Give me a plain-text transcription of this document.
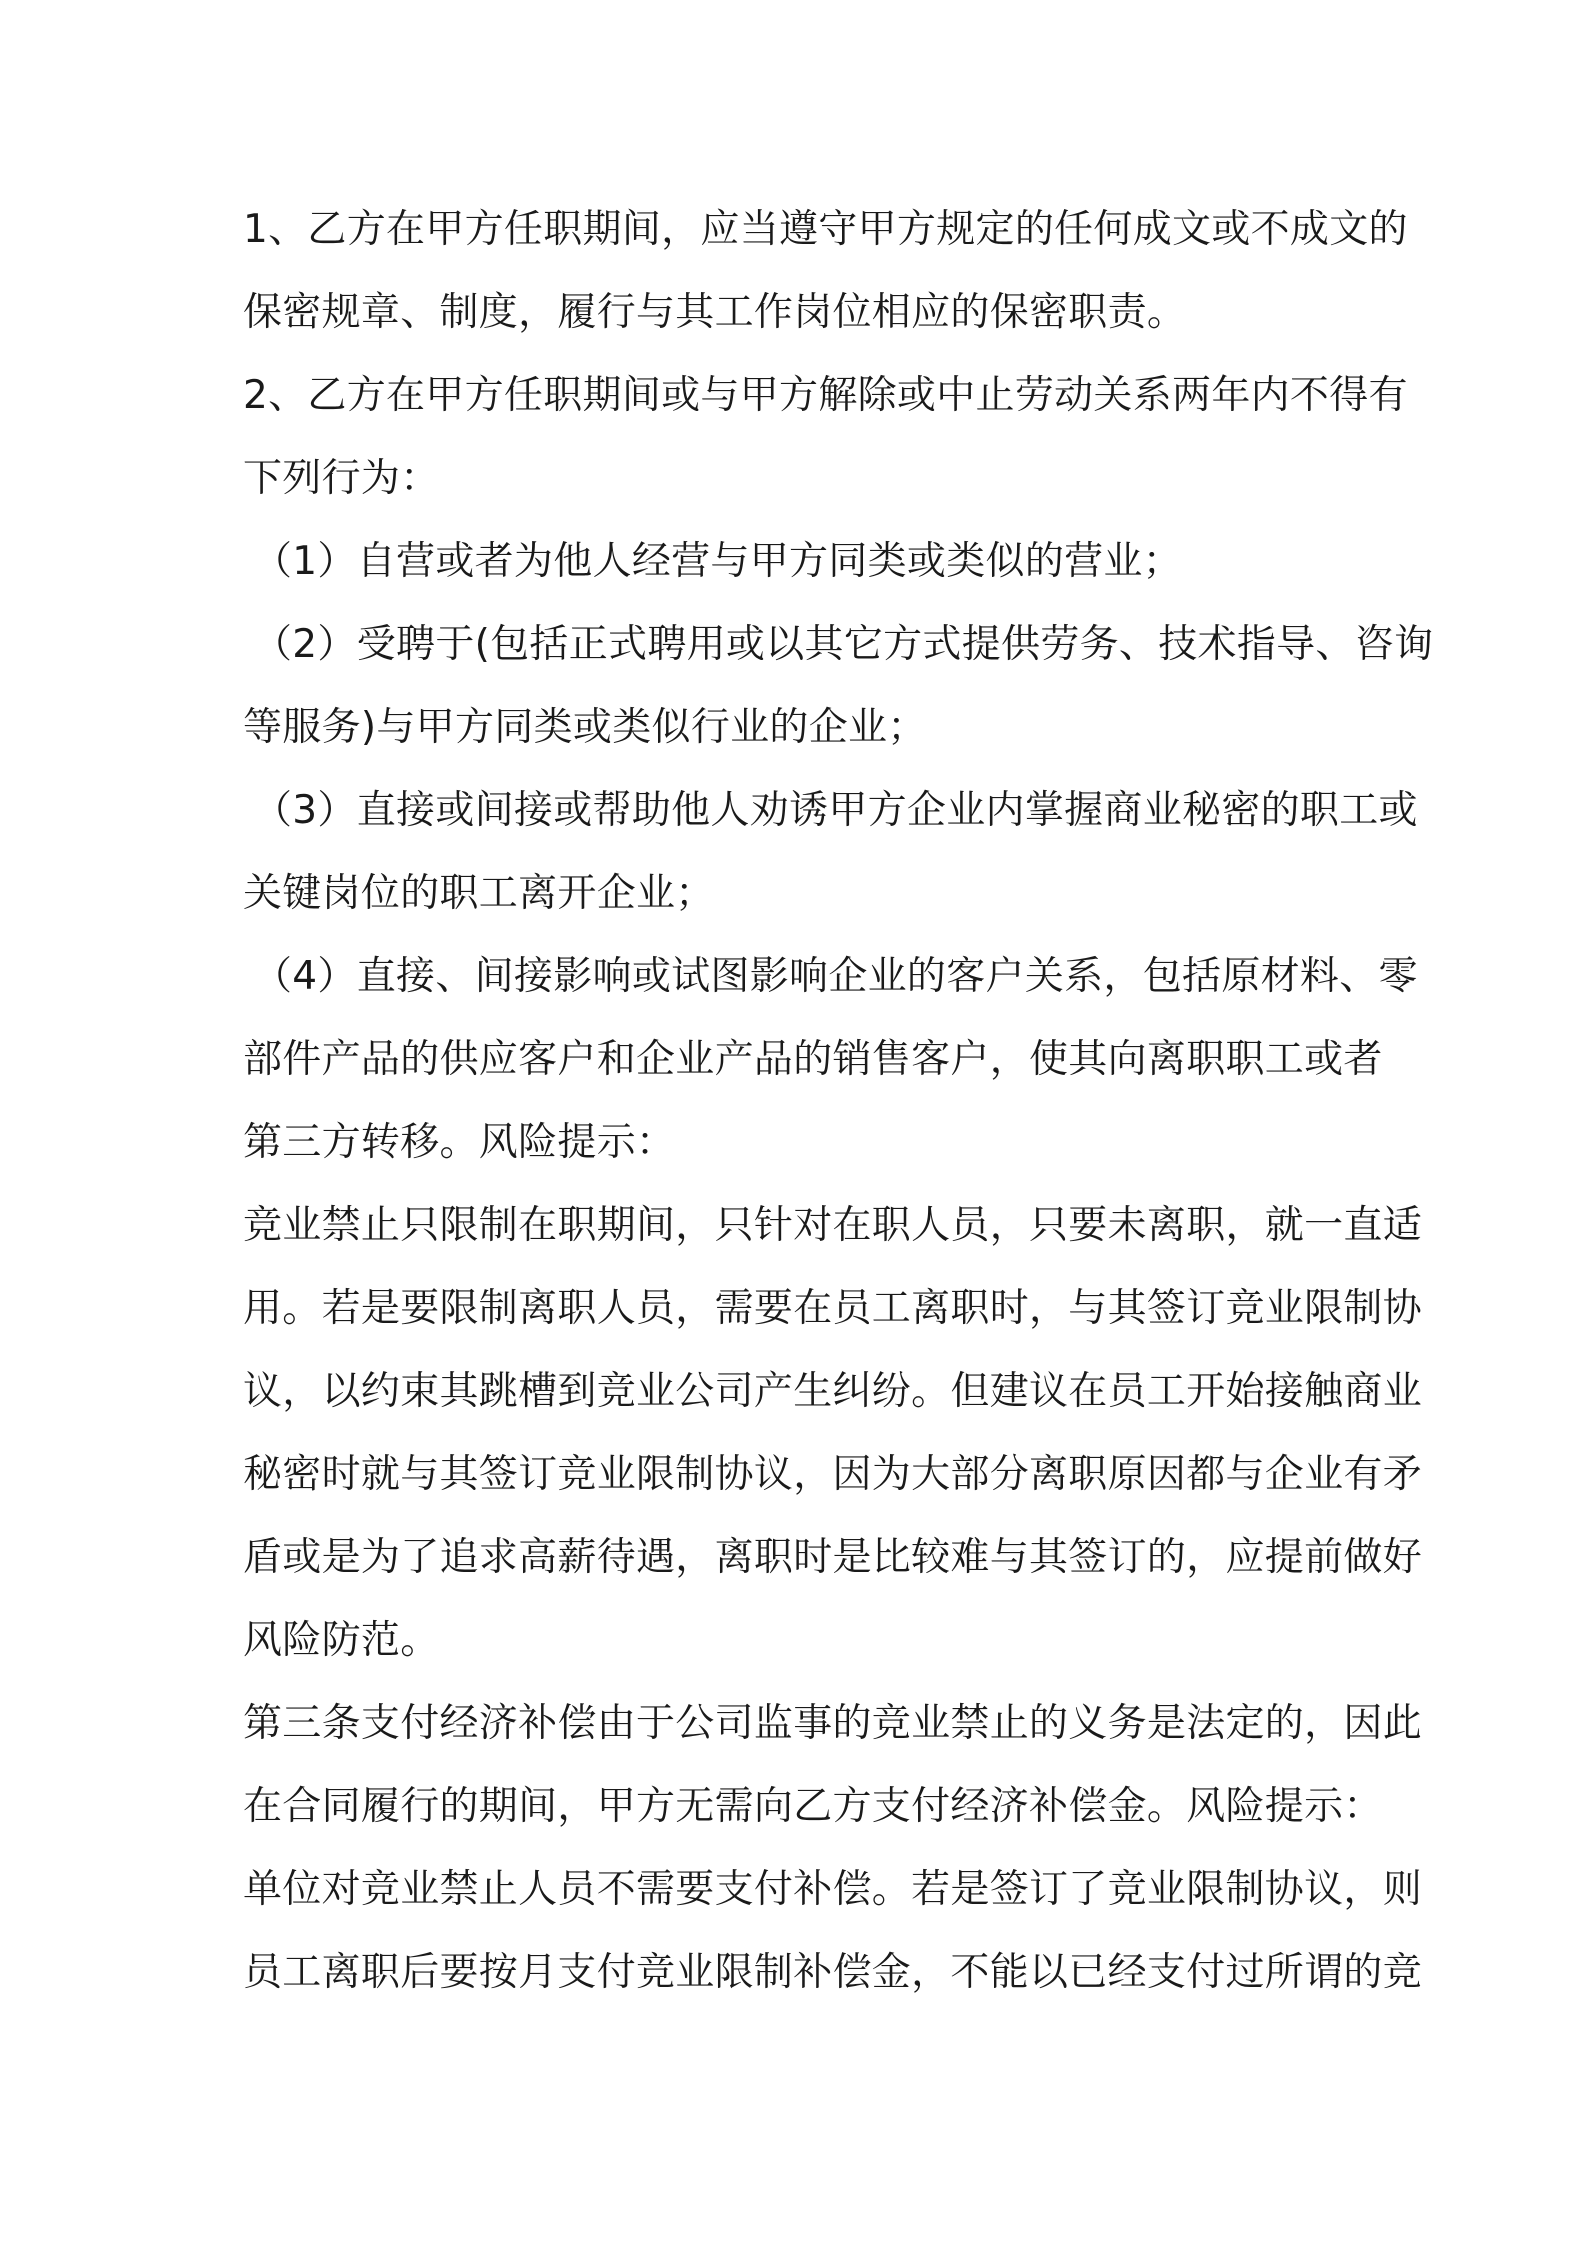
1、乙方在甲方任职期间，应当遵守甲方规定的任何成文或不成文的
保密规章、制度，履行与其工作岗位相应的保密职责。
2、乙方在甲方任职期间或与甲方解除或中止劳动关系两年内不得有
下列行为：
（1）自营或者为他人经营与甲方同类或类似的营业；
（2）受聘于(包括正式聘用或以其它方式提供劳务、技术指导、咨询
等服务)与甲方同类或类似行业的企业；
（3）直接或间接或帮助他人劝诱甲方企业内掌握商业秘密的职工或
关键岗位的职工离开企业；
（4）直接、间接影响或试图影响企业的客户关系，包括原材料、零
部件产品的供应客户和企业产品的销售客户，使其向离职职工或者
第三方转移。风险提示：
竞业禁止只限制在职期间，只针对在职人员，只要未离职，就一直适
用。若是要限制离职人员，需要在员工离职时，与其签订竞业限制协
议，以约束其跳槽到竞业公司产生纠纷。但建议在员工开始接触商业
秘密时就与其签订竞业限制协议，因为大部分离职原因都与企业有矛
盾或是为了追求高薪待遇，离职时是比较难与其签订的，应提前做好
风险防范。
第三条支付经济补偿由于公司监事的竞业禁止的义务是法定的，因此
在合同履行的期间，甲方无需向乙方支付经济补偿金。风险提示：
单位对竞业禁止人员不需要支付补偿。若是签订了竞业限制协议，则
员工离职后要按月支付竞业限制补偿金，不能以已经支付过所谓的竞
